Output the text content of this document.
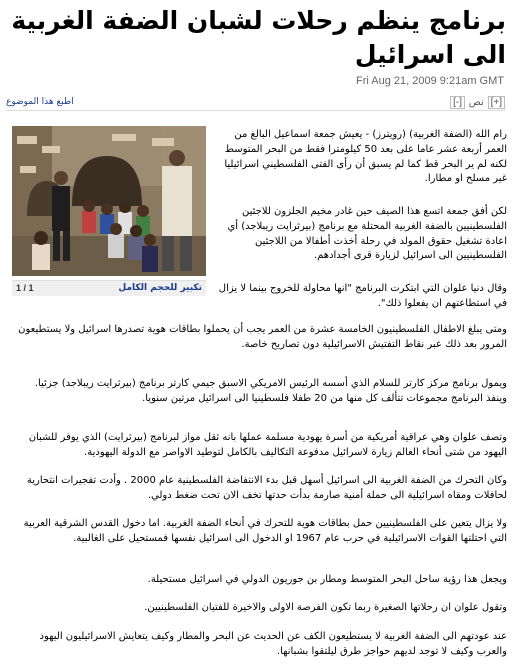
برنامج ينظم رحلات لشبان الضفة الغربية الى اسرائيل
Fri Aug 21, 2009 9:21am GMT
[-] نص [+]
اطبع هذا الموضوع
تكبير للحجم الكامل
1 / 1

رام الله (الضفة الغربية) (رويترز) - يعيش جمعة اسماعيل البالغ من العمر أربعة عشر عاما على بعد 50 كيلومترا فقط من البحر المتوسط لكنه لم ير البحر قط كما لم يسبق أن رأى الفتى الفلسطيني اسرائيليا غير مسلح او مطارا.

لكن أفق جمعة اتسع هذا الصيف حين غادر مخيم الجلزون للاجئين الفلسطينيين بالضفة الغربية المحتلة مع برنامج (بيرثرايت ريبلاجد) أي اعادة تشغيل حقوق المولد في رحلة أخذت أطفالا من اللاجئين الفلسطينيين الى اسرائيل لزيارة قرى أجدادهم.

وقال دنيا علوان التي ابتكرت البرنامج "انها محاولة للخروج بينما لا يزال في استطاعتهم ان يفعلوا ذلك".

ومتى يبلغ الاطفال الفلسطينيون الخامسة عشرة من العمر يجب أن يحملوا بطاقات هوية تصدرها اسرائيل ولا يستطيعون المرور بعد ذلك عبر نقاط التفتيش الاسرائيلية دون تصاريح خاصة.

ويمول برنامج مركز كارتر للسلام الذي أسسه الرئيس الامريكي الاسبق جيمي كارتر برنامج (بيرثرايت ريبلاجد) جزئيا. وينفذ البرنامج مجموعات تتألف كل منها من 20 طفلا فلسطينيا الى اسرائيل مرتين سنويا.

وتصف علوان وهي عراقية أمريكية من أسرة يهودية مسلمة عملها بانه ثقل مواز لبرنامج (بيرثرايت) الذي يوفر للشبان اليهود من شتى أنحاء العالم زيارة لاسرائيل مدفوعة التكاليف بالكامل لتوطيد الاواصر مع الدولة اليهودية.

وكان التحرك من الضفة الغربية الى اسرائيل أسهل قبل بدء الانتفاضة الفلسطينية عام 2000 . وأدت تفجيرات انتحارية لحافلات ومقاه اسرائيلية الى حملة أمنية صارمة بدأت حدتها تخف الان تحت ضغط دولي.

ولا يزال يتعين على الفلسطينيين حمل بطاقات هوية للتحرك في أنحاء الضفة الغربية. اما دخول القدس الشرقية العربية التي احتلتها القوات الاسرائيلية في حرب عام 1967 او الدخول الى اسرائيل نفسها فمستحيل على الغالبية.

ويجعل هذا رؤية ساحل البحر المتوسط ومطار بن جوريون الدولي في اسرائيل مستحيلة.

وتقول علوان ان رحلاتها الصغيرة ربما تكون الفرصة الاولى والاخيرة للفتيان الفلسطينيين.

عند عودتهم الى الضفة الغربية لا يستطيعون الكف عن الحديث عن البحر والمطار وكيف يتعايش الاسرائيليون اليهود والعرب وكيف لا توجد لديهم حواجز طرق ليلتقوا بشبانها.
